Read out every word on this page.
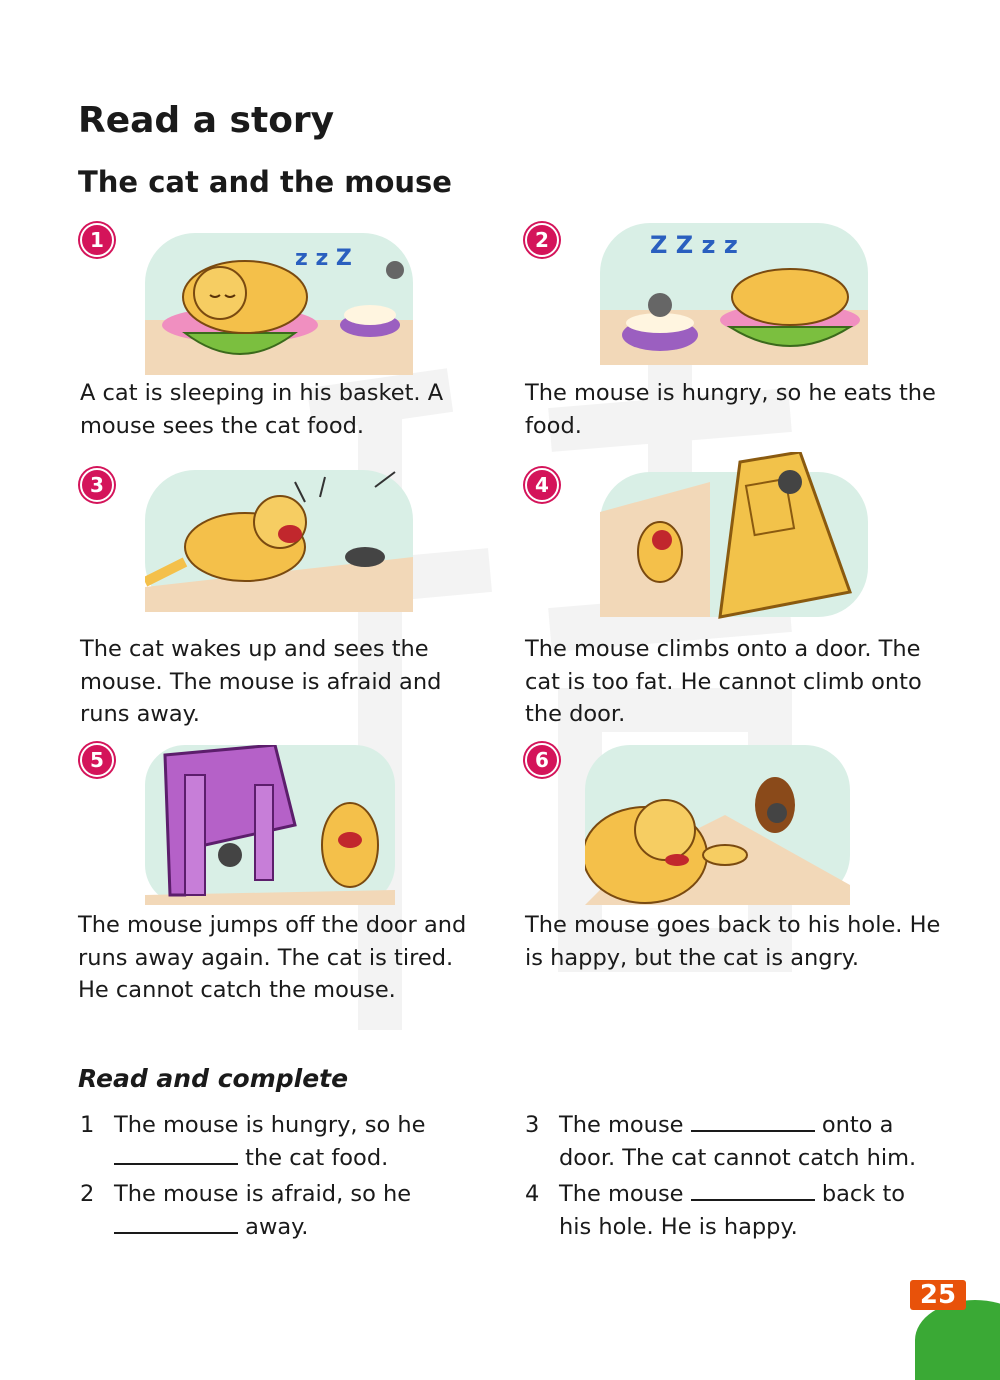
Read a story
The cat and the mouse
1
z z Z

A cat is sleeping in his basket. A mouse sees the cat food.

2	Z Z z z

The mouse is hungry, so he eats the food.

3

The cat wakes up and sees the mouse. The mouse is afraid and runs away.

4

The mouse climbs onto a door. The cat is too fat. He cannot climb onto the door.

5

The mouse jumps off the door and runs away again. The cat is tired. He cannot catch the mouse.

6

The mouse goes back to his hole. He is happy, but the cat is angry.

Read and complete
1 The mouse is hungry, so he
the cat food.
2 The mouse is afraid, so he
away.
3 The mouse	onto a
door. The cat cannot catch him.
4 The mouse	back to
his hole. He is happy.
25
